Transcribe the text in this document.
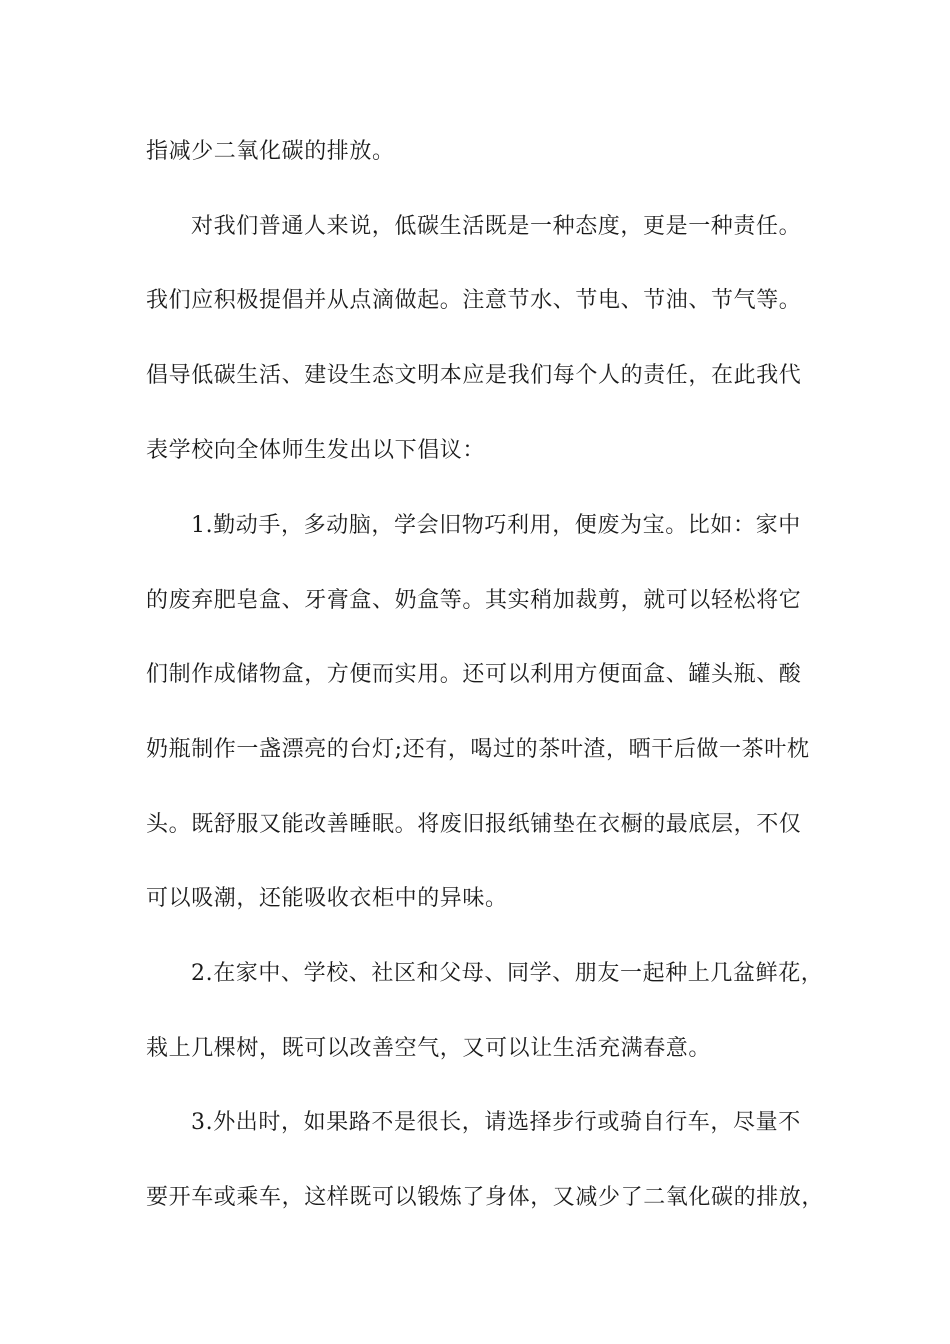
指减少二氧化碳的排放。
对我们普通人来说，低碳生活既是一种态度，更是一种责任。
我们应积极提倡并从点滴做起。注意节水、节电、节油、节气等。
倡导低碳生活、建设生态文明本应是我们每个人的责任，在此我代
表学校向全体师生发出以下倡议：
1.勤动手，多动脑，学会旧物巧利用，便废为宝。比如：家中
的废弃肥皂盒、牙膏盒、奶盒等。其实稍加裁剪，就可以轻松将它
们制作成储物盒，方便而实用。还可以利用方便面盒、罐头瓶、酸
奶瓶制作一盏漂亮的台灯;还有，喝过的茶叶渣，晒干后做一茶叶枕
头。既舒服又能改善睡眠。将废旧报纸铺垫在衣橱的最底层，不仅
可以吸潮，还能吸收衣柜中的异味。
2.在家中、学校、社区和父母、同学、朋友一起种上几盆鲜花，
栽上几棵树，既可以改善空气，又可以让生活充满春意。
3.外出时，如果路不是很长，请选择步行或骑自行车，尽量不
要开车或乘车，这样既可以锻炼了身体，又减少了二氧化碳的排放，
